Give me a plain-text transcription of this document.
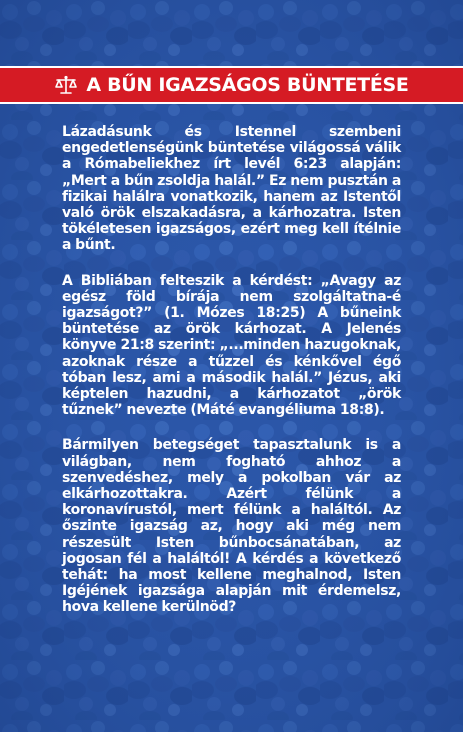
A BŰN IGAZSÁGOS BÜNTETÉSE

Lázadásunk és Istennel szembeni engedetlenségünk büntetése világossá válik a Rómabeliekhez írt levél 6:23 alapján: „Mert a bűn zsoldja halál.” Ez nem pusztán a fizikai halálra vonatkozik, hanem az Istentől való örök elszakadásra, a kárhozatra. Isten tökéletesen igazságos, ezért meg kell ítélnie a bűnt.

A Bibliában felteszik a kérdést: „Avagy az egész föld bírája nem szolgáltatna-é igazságot?” (1. Mózes 18:25) A bűneink büntetése az örök kárhozat. A Jelenés könyve 21:8 szerint: „...minden hazugoknak, azoknak része a tűzzel és kénkővel égő tóban lesz, ami a második halál.” Jézus, aki képtelen hazudni, a kárhozatot „örök tűznek” nevezte (Máté evangéliuma 18:8).

Bármilyen betegséget tapasztalunk is a világban, nem fogható ahhoz a szenvedéshez, mely a pokolban vár az elkárhozottakra. Azért félünk a koronavírustól, mert félünk a haláltól. Az őszinte igazság az, hogy aki még nem részesült Isten bűnbocsánatában, az jogosan fél a haláltól! A kérdés a következő tehát: ha most kellene meghalnod, Isten Igéjének igazsága alapján mit érdemelsz, hova kellene kerülnöd?
